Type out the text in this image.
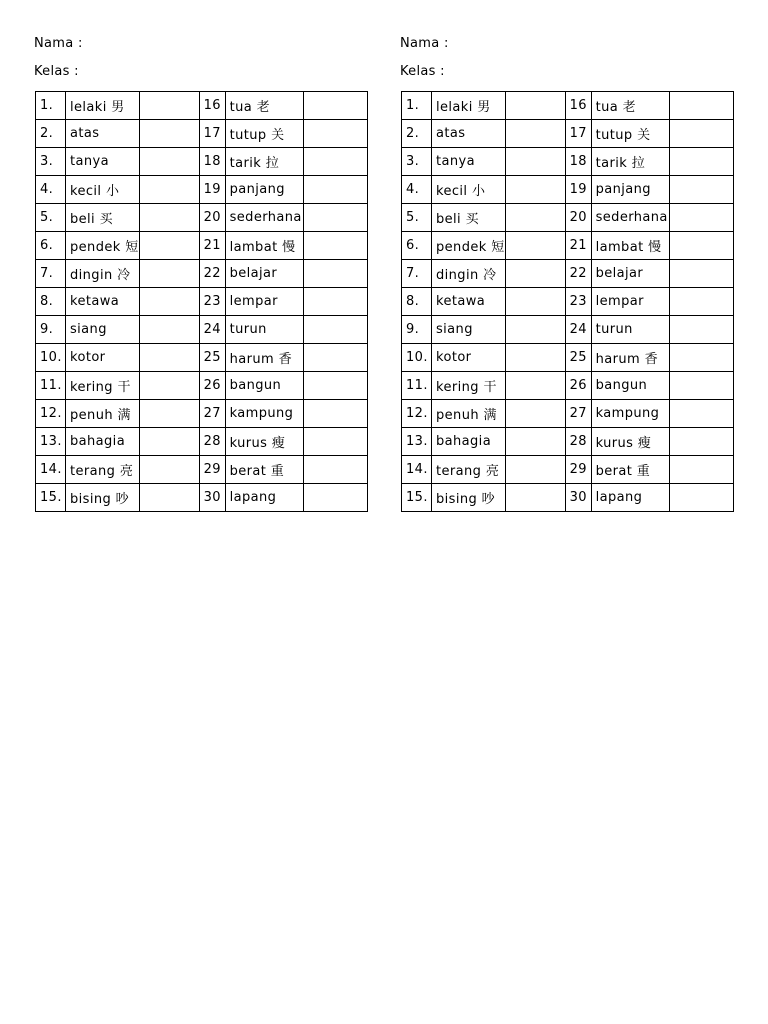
Nama :
Kelas :
1.	lelaki 男		16	tua 老	
2.	atas		17	tutup 关	
3.	tanya		18	tarik 拉	
4.	kecil 小		19	panjang	
5.	beli 买		20	sederhana	
6.	pendek 短		21	lambat 慢	
7.	dingin 冷		22	belajar	
8.	ketawa		23	lempar	
9.	siang		24	turun	
10.	kotor		25	harum 香	
11.	kering 干		26	bangun	
12.	penuh 满		27	kampung	
13.	bahagia		28	kurus 瘦	
14.	terang 亮		29	berat 重	
15.	bising 吵		30	lapang	
Nama :
Kelas :
1.	lelaki 男		16	tua 老	
2.	atas		17	tutup 关	
3.	tanya		18	tarik 拉	
4.	kecil 小		19	panjang	
5.	beli 买		20	sederhana	
6.	pendek 短		21	lambat 慢	
7.	dingin 冷		22	belajar	
8.	ketawa		23	lempar	
9.	siang		24	turun	
10.	kotor		25	harum 香	
11.	kering 干		26	bangun	
12.	penuh 满		27	kampung	
13.	bahagia		28	kurus 瘦	
14.	terang 亮		29	berat 重	
15.	bising 吵		30	lapang	
